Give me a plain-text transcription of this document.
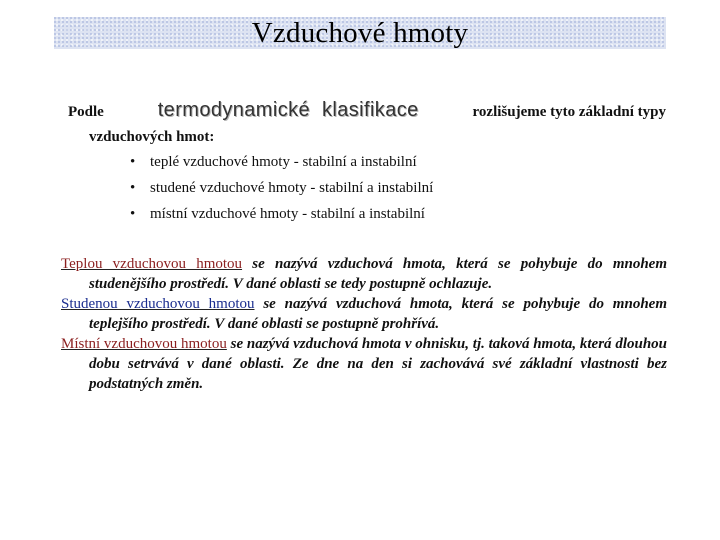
Vzduchové hmoty
Podle	termodynamické klasifikace	rozlišujeme tyto základní typy
vzduchových hmot:
• teplé vzduchové hmoty - stabilní a instabilní
• studené vzduchové hmoty - stabilní a instabilní
• místní vzduchové hmoty - stabilní a instabilní
Teplou vzduchovou hmotou se nazývá vzduchová hmota, která se pohybuje do mnohem studenějšího prostředí. V dané oblasti se tedy postupně ochlazuje.
Studenou vzduchovou hmotou se nazývá vzduchová hmota, která se pohybuje do mnohem teplejšího prostředí. V dané oblasti se postupně prohřívá.
Místní vzduchovou hmotou se nazývá vzduchová hmota v ohnisku, tj. taková hmota, která dlouhou dobu setrvává v dané oblasti. Ze dne na den si zachovává své základní vlastnosti bez podstatných změn.
